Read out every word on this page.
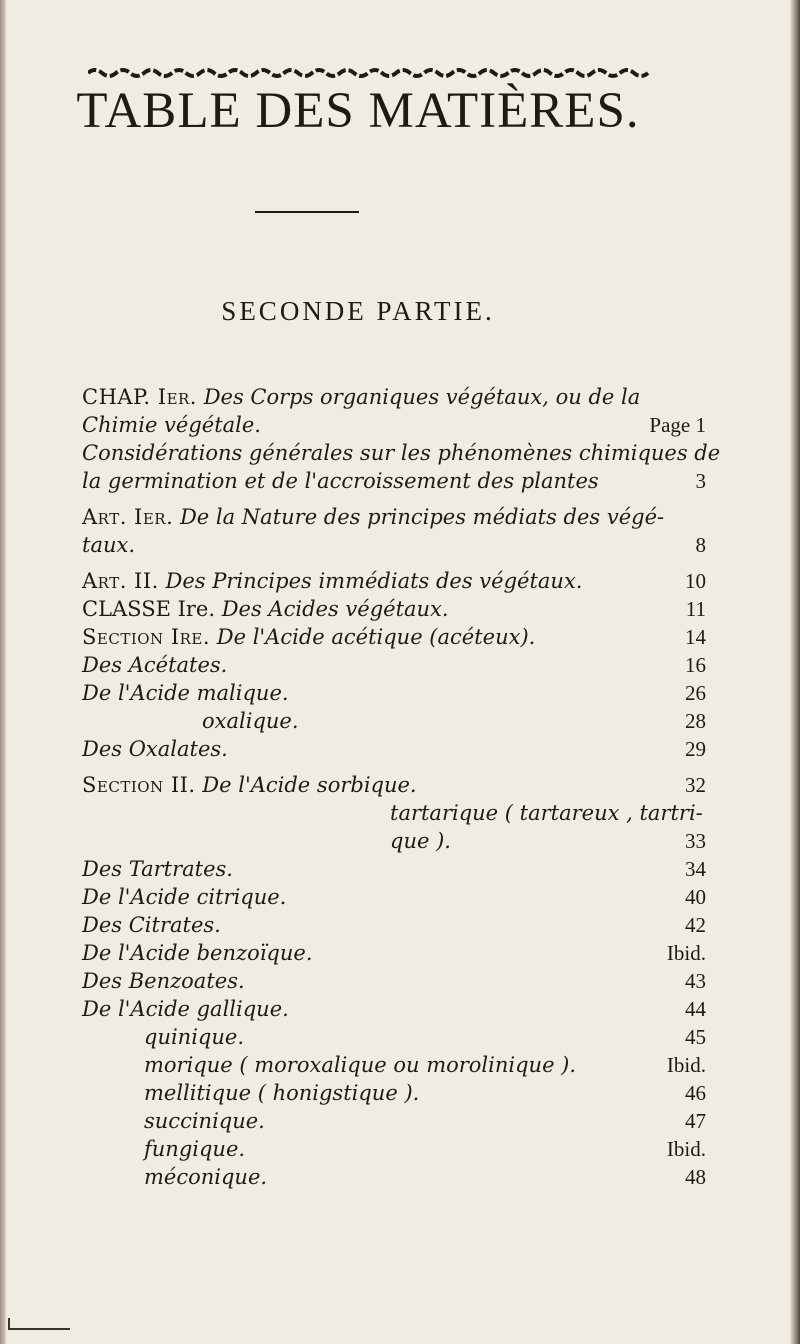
TABLE DES MATIÈRES.
SECONDE PARTIE.
CHAP. Ier. Des Corps organiques végétaux, ou de la
Chimie végétale.	Page 1
Considérations générales sur les phénomènes chimiques de
la germination et de l'accroissement des plantes	3
Art. Ier. De la Nature des principes médiats des végé-
taux.	8
Art. II. Des Principes immédiats des végétaux.	10
CLASSE Ire. Des Acides végétaux.	11
Section Ire. De l'Acide acétique (acéteux).	14
Des Acétates.	16
De l'Acide malique.	26
oxalique.	28
Des Oxalates.	29
Section II. De l'Acide sorbique.	32
tartarique ( tartareux , tartri-
que ).	33
Des Tartrates.	34
De l'Acide citrique.	40
Des Citrates.	42
De l'Acide benzoïque.	Ibid.
Des Benzoates.	43
De l'Acide gallique.	44
quinique.	45
morique ( moroxalique ou morolinique ).	Ibid.
mellitique ( honigstique ).	46
succinique.	47
fungique.	Ibid.
méconique.	48
